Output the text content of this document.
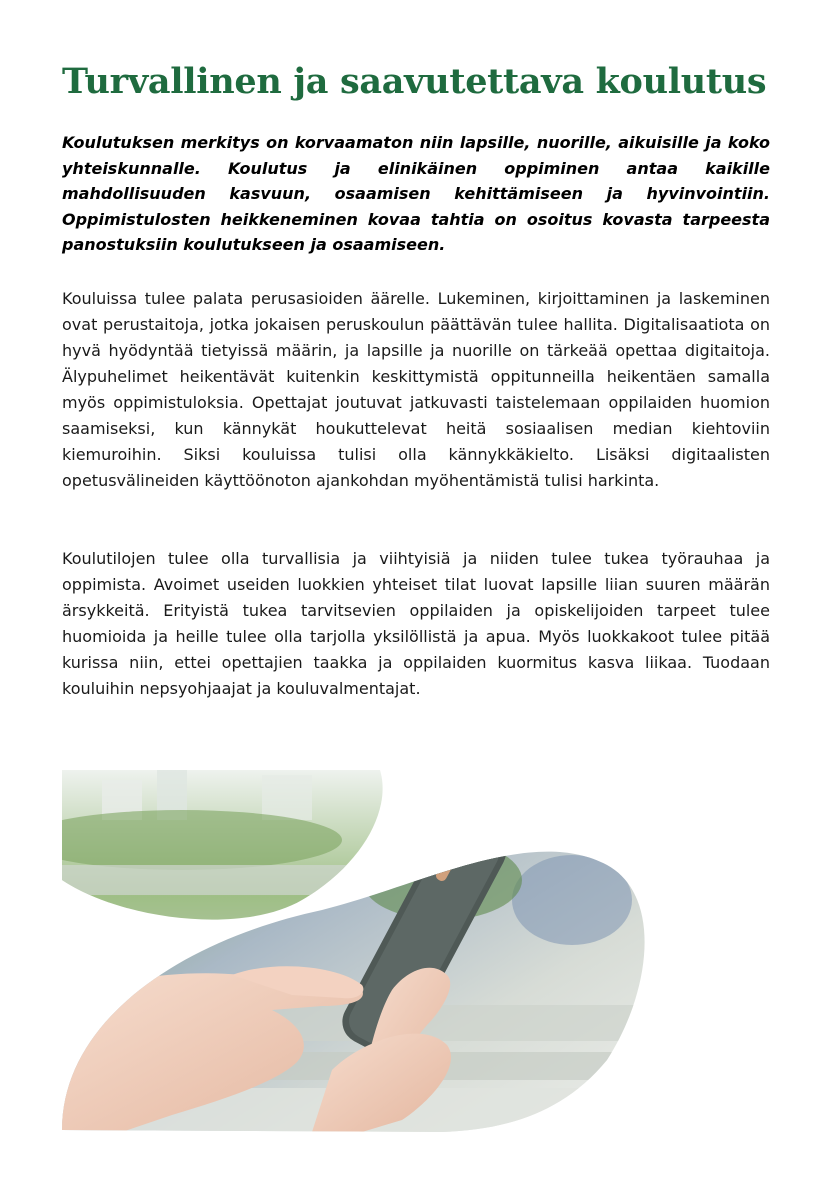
Turvallinen ja saavutettava koulutus

Koulutuksen merkitys on korvaamaton niin lapsille, nuorille, aikuisille ja koko yhteiskunnalle. Koulutus ja elinikäinen oppiminen antaa kaikille mahdollisuuden kasvuun, osaamisen kehittämiseen ja hyvinvointiin. Oppimistulosten heikkeneminen kovaa tahtia on osoitus kovasta tarpeesta panostuksiin koulutukseen ja osaamiseen.

Kouluissa tulee palata perusasioiden äärelle. Lukeminen, kirjoittaminen ja laskeminen ovat perustaitoja, jotka jokaisen peruskoulun päättävän tulee hallita. Digitalisaatiota on hyvä hyödyntää tietyissä määrin, ja lapsille ja nuorille on tärkeää opettaa digitaitoja. Älypuhelimet heikentävät kuitenkin keskittymistä oppitunneilla heikentäen samalla myös oppimistuloksia. Opettajat joutuvat jatkuvasti taistelemaan oppilaiden huomion saamiseksi, kun kännykät houkuttelevat heitä sosiaalisen median kiehtoviin kiemuroihin. Siksi kouluissa tulisi olla kännykkäkielto. Lisäksi digitaalisten opetusvälineiden käyttöönoton ajankohdan myöhentämistä tulisi harkinta.

Koulutilojen tulee olla turvallisia ja viihtyisiä ja niiden tulee tukea työrauhaa ja oppimista. Avoimet useiden luokkien yhteiset tilat luovat lapsille liian suuren määrän ärsykkeitä. Erityistä tukea tarvitsevien oppilaiden ja opiskelijoiden tarpeet tulee huomioida ja heille tulee olla tarjolla yksilöllistä ja apua. Myös luokkakoot tulee pitää kurissa niin, ettei opettajien taakka ja oppilaiden kuormitus kasva liikaa. Tuodaan kouluihin nepsyohjaajat ja kouluvalmentajat.
